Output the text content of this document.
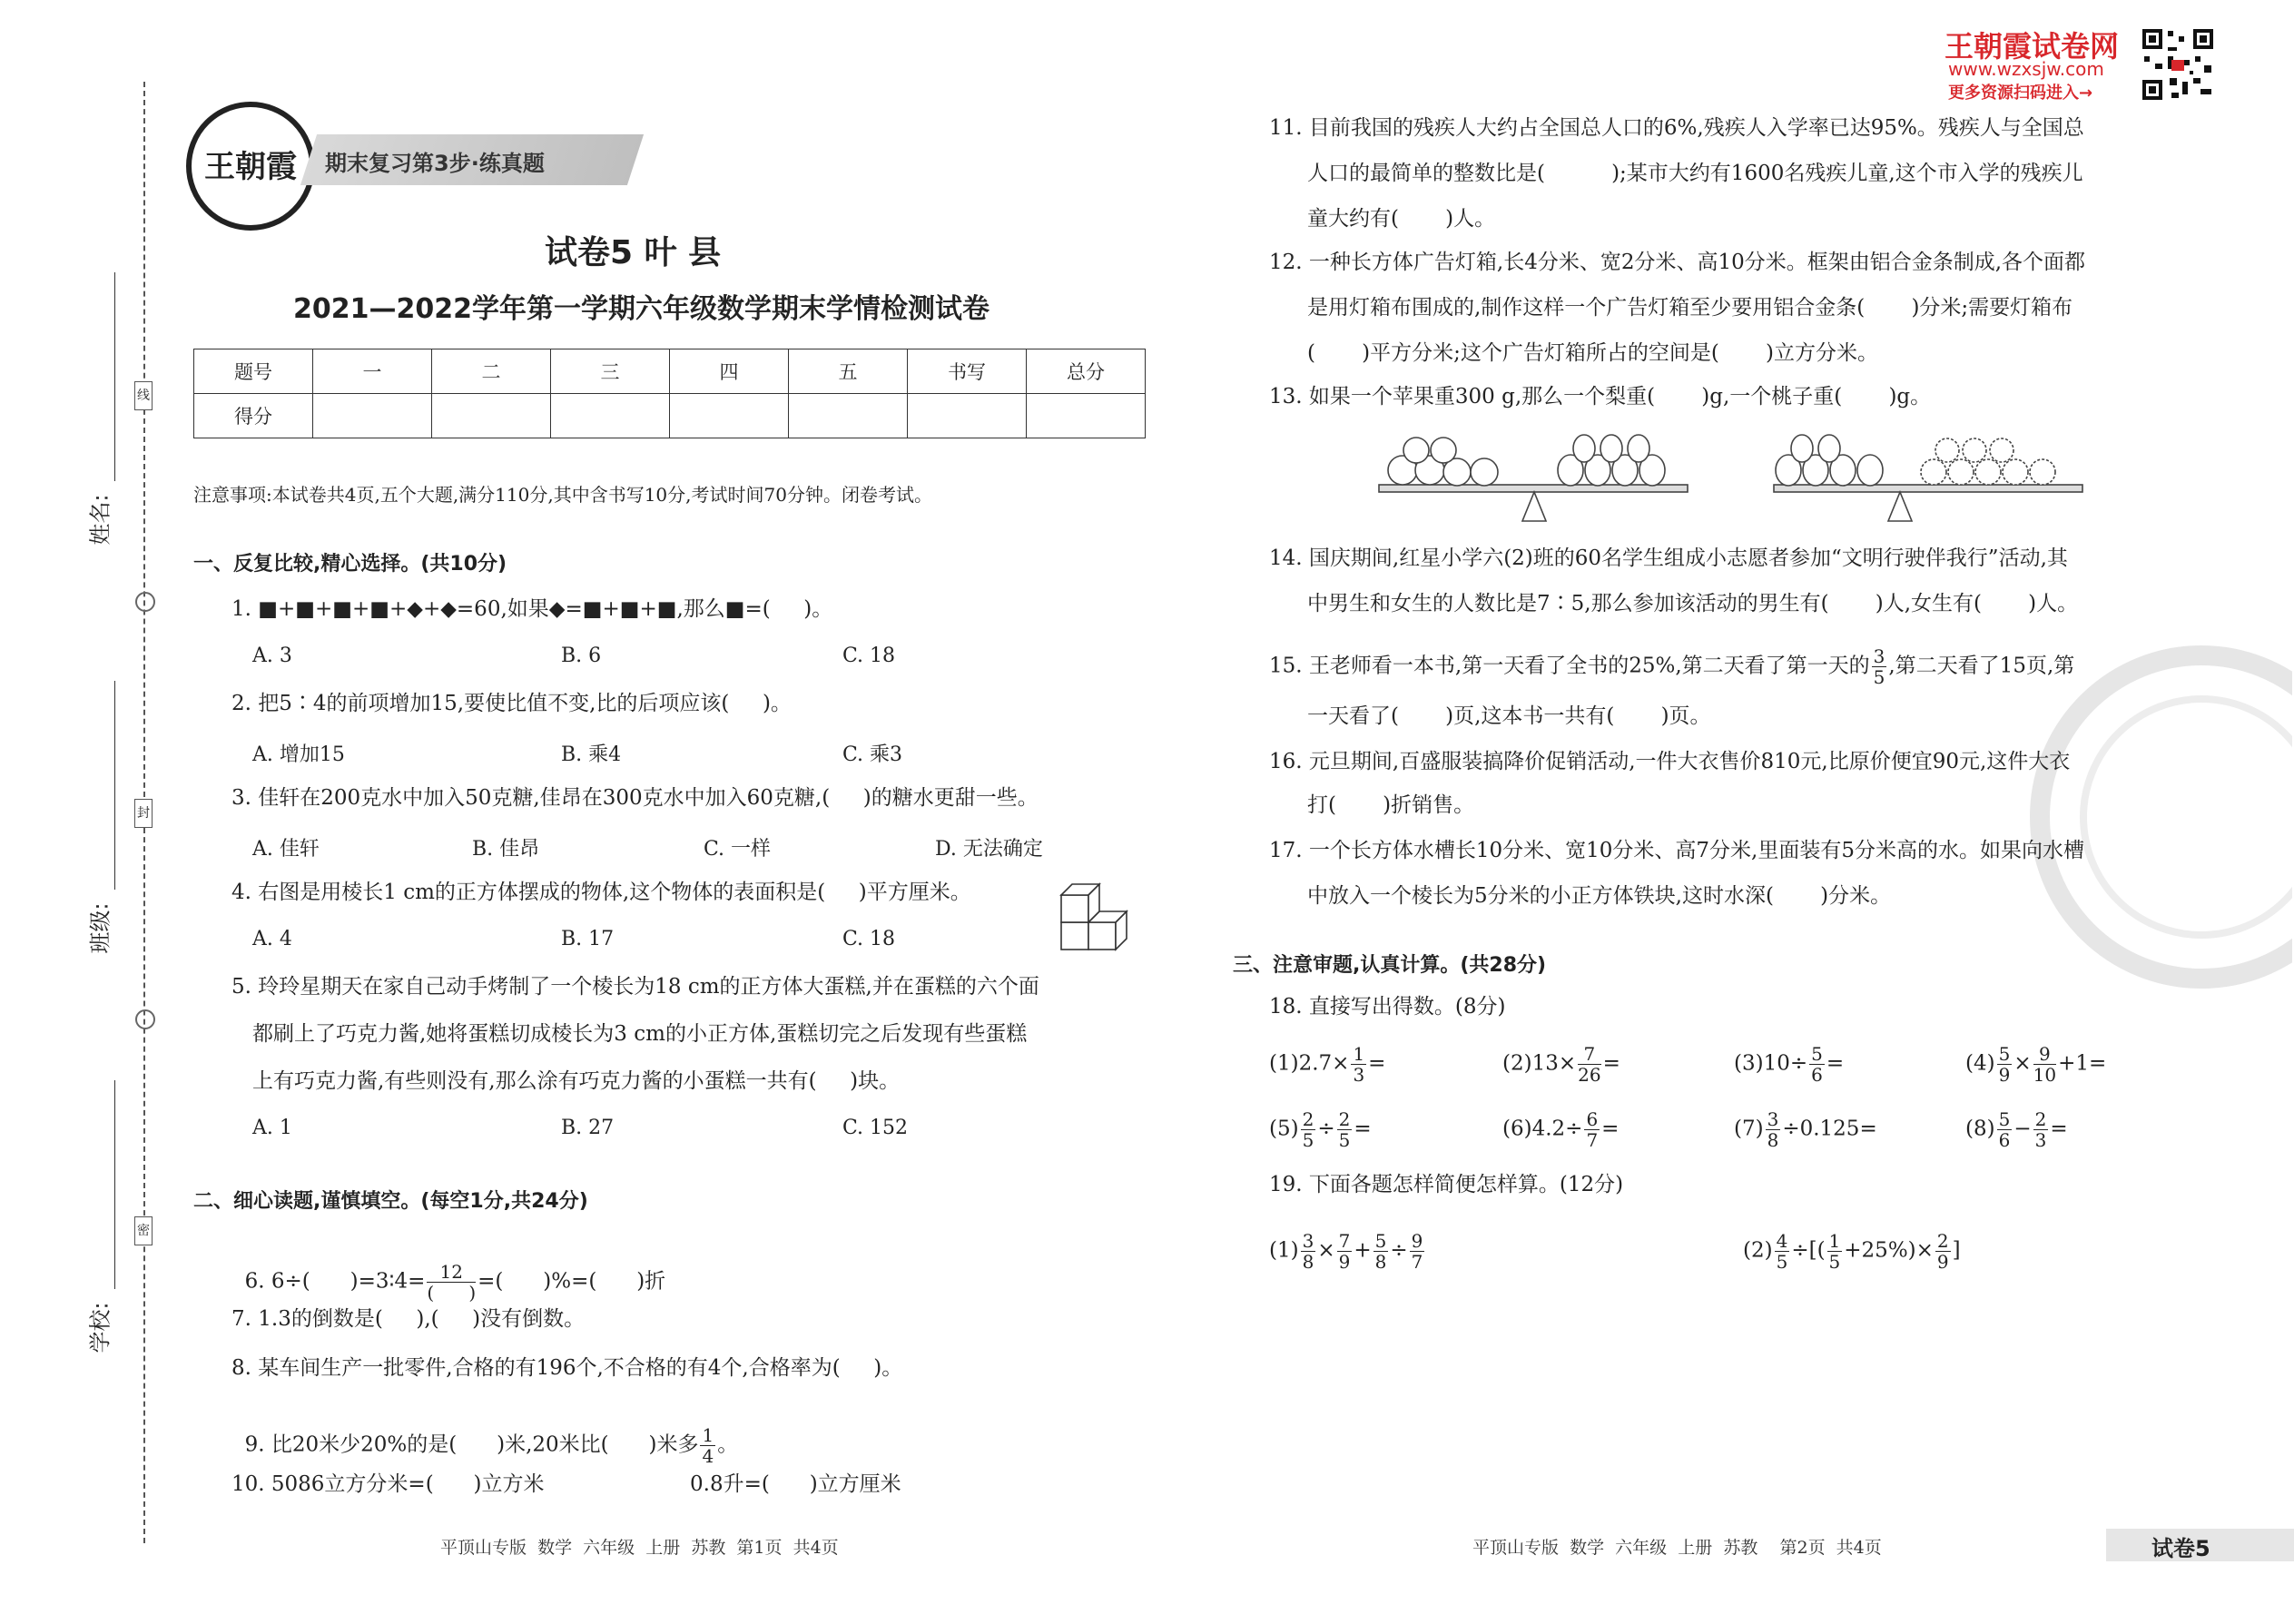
线
封
密
姓名:
班级:
学校:
王朝霞	期末复习第3步·练真题
试卷5 叶 县
2021—2022学年第一学期六年级数学期末学情检测试卷
题号	一	二	三	四	五	书写	总分
得分							
注意事项:本试卷共4页,五个大题,满分110分,其中含书写10分,考试时间70分钟。闭卷考试。
一、反复比较,精心选择。(共10分)
1. ■+■+■+■+◆+◆=60,如果◆=■+■+■,那么■=(     )。
A. 3	B. 6	C. 18
2. 把5∶4的前项增加15,要使比值不变,比的后项应该(     )。
A. 增加15	B. 乘4	C. 乘3
3. 佳轩在200克水中加入50克糖,佳昂在300克水中加入60克糖,(     )的糖水更甜一些。
A. 佳轩	B. 佳昂	C. 一样	D. 无法确定
4. 右图是用棱长1 cm的正方体摆成的物体,这个物体的表面积是(     )平方厘米。
A. 4	B. 17	C. 18
5. 玲玲星期天在家自己动手烤制了一个棱长为18 cm的正方体大蛋糕,并在蛋糕的六个面
都刷上了巧克力酱,她将蛋糕切成棱长为3 cm的小正方体,蛋糕切完之后发现有些蛋糕
上有巧克力酱,有些则没有,那么涂有巧克力酱的小蛋糕一共有(     )块。
A. 1	B. 27	C. 152
二、细心读题,谨慎填空。(每空1分,共24分)

6. 6÷(      )=3∶4= $\frac{12}{( )}$ =(      )%=(      )折

7. 1.3的倒数是(     ),(     )没有倒数。
8. 某车间生产一批零件,合格的有196个,不合格的有4个,合格率为(     )。

9. 比20米少20%的是(      )米,20米比(      )米多 $\frac{1}{4}$ 。

10. 5086立方分米=(      )立方米	0.8升=(      )立方厘米
平顶山专版  数学  六年级  上册  苏教  第1页  共4页
王朝霞试卷网
www.wzxsjw.com
更多资源扫码进入→
11. 目前我国的残疾人大约占全国总人口的6%,残疾人入学率已达95%。残疾人与全国总
人口的最简单的整数比是(          );某市大约有1600名残疾儿童,这个市入学的残疾儿
童大约有(       )人。
12. 一种长方体广告灯箱,长4分米、宽2分米、高10分米。框架由铝合金条制成,各个面都
是用灯箱布围成的,制作这样一个广告灯箱至少要用铝合金条(       )分米;需要灯箱布
(       )平方分米;这个广告灯箱所占的空间是(       )立方分米。
13. 如果一个苹果重300 g,那么一个梨重(       )g,一个桃子重(       )g。
14. 国庆期间,红星小学六(2)班的60名学生组成小志愿者参加“文明行驶伴我行”活动,其
中男生和女生的人数比是7∶5,那么参加该活动的男生有(       )人,女生有(       )人。
15. 王老师看一本书,第一天看了全书的25%,第二天看了第一天的 $\frac{3}{5}$ ,第二天看了15页,第
一天看了(       )页,这本书一共有(       )页。
16. 元旦期间,百盛服装搞降价促销活动,一件大衣售价810元,比原价便宜90元,这件大衣
打(       )折销售。
17. 一个长方体水槽长10分米、宽10分米、高7分米,里面装有5分米高的水。如果向水槽
中放入一个棱长为5分米的小正方体铁块,这时水深(       )分米。
三、注意审题,认真计算。(共28分)
18. 直接写出得数。(8分)
$(1)2.7\times \frac{1}{3}$ =	$(2)13\times \frac{7}{26}$ =	$(3)10\div \frac{5}{6}$ =	$(4) \frac{5}{9} \times \frac{9}{10} +1=$
$(5) \frac{2}{5} \div \frac{2}{5}$ =	$(6)4.2\div \frac{6}{7}$ =	$(7) \frac{3}{8} \div 0.125=$	$(8) \frac{5}{6} - \frac{2}{3}$ =
19. 下面各题怎样简便怎样算。(12分)
$(1) \frac{3}{8} \times \frac{7}{9} + \frac{5}{8} \div \frac{9}{7}$	$(2) \frac{4}{5}$ ÷[( $\frac{1}{5} +25\%)\times \frac{2}{9}$ ]
平顶山专版  数学  六年级  上册  苏教    第2页  共4页	试卷5
